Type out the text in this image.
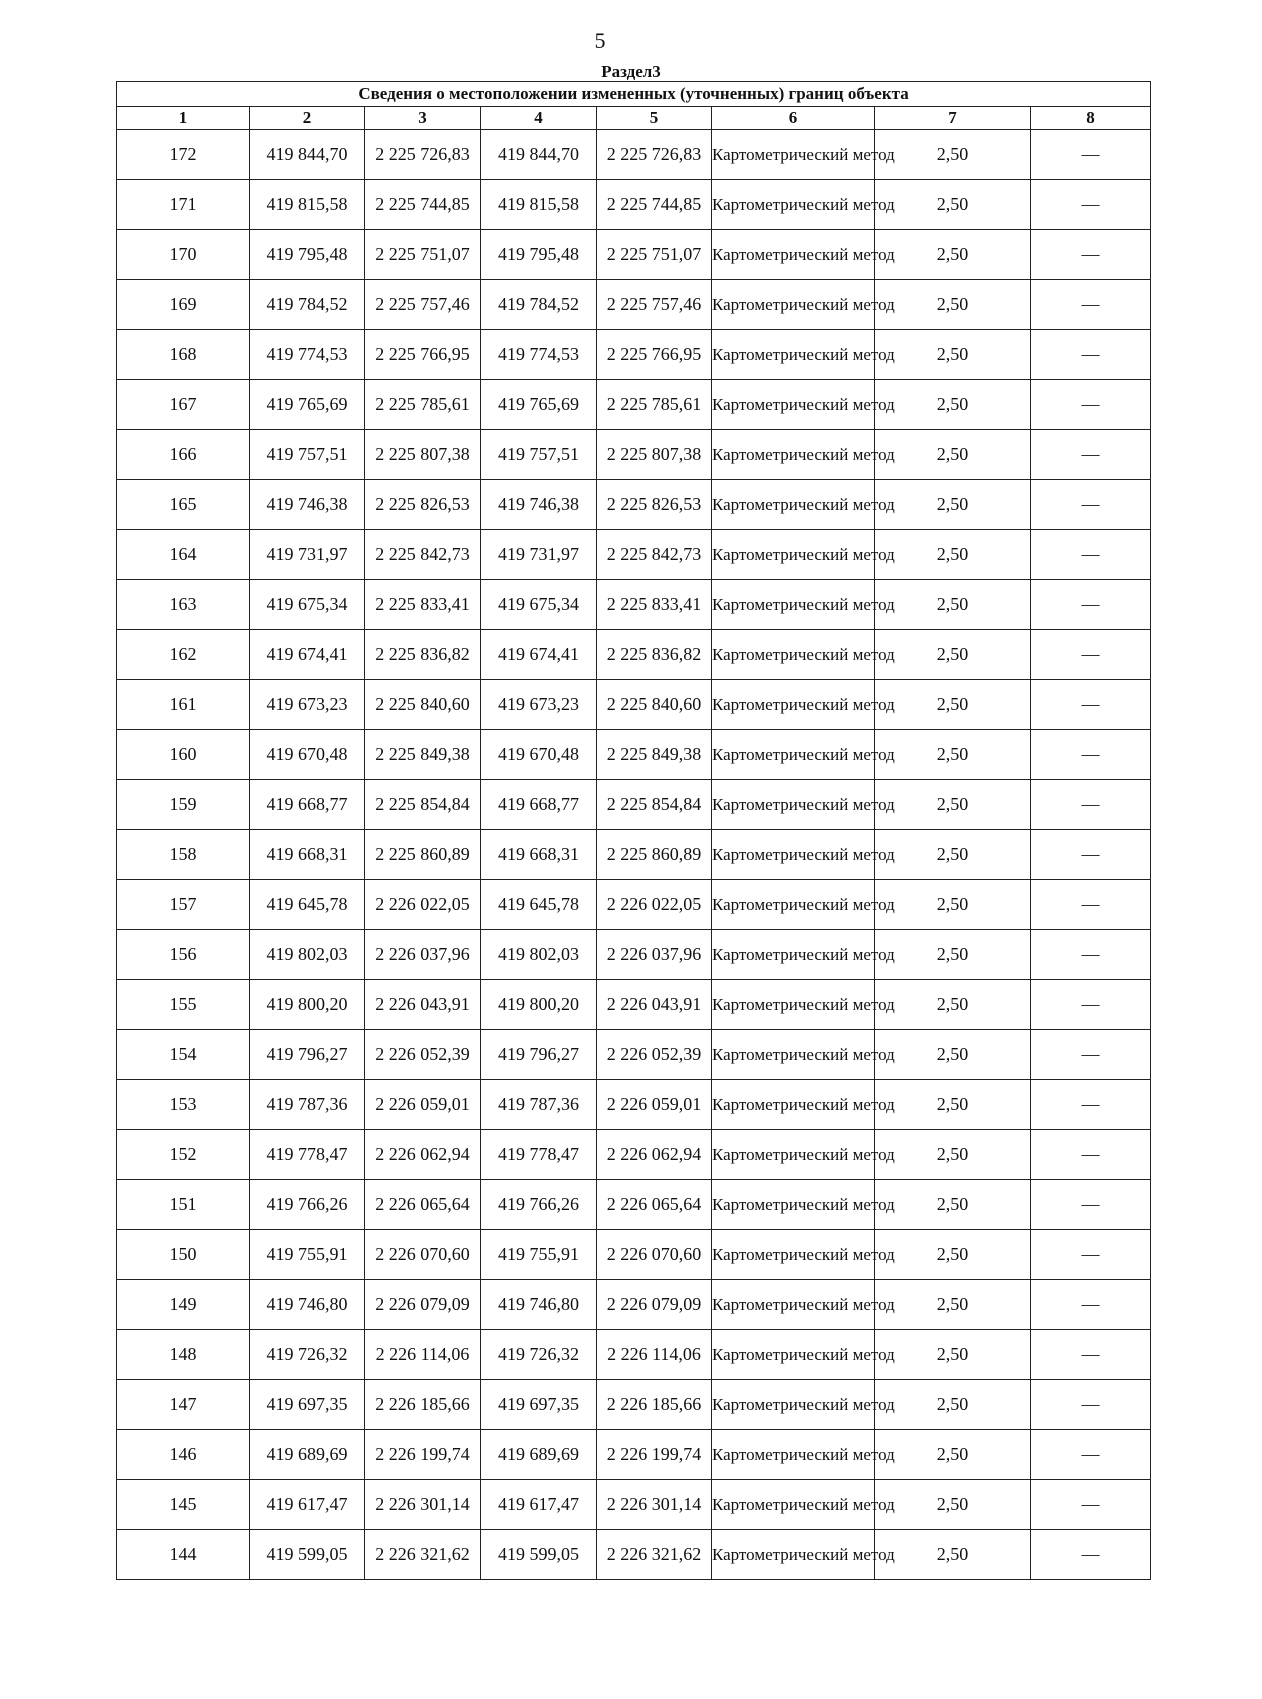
5
Раздел3
Сведения о местоположении измененных (уточненных) границ объекта							
1	2	3	4	5	6	7	8
172	419 844,70	2 225 726,83	419 844,70	2 225 726,83	Картометрический метод	2,50	—
171	419 815,58	2 225 744,85	419 815,58	2 225 744,85	Картометрический метод	2,50	—
170	419 795,48	2 225 751,07	419 795,48	2 225 751,07	Картометрический метод	2,50	—
169	419 784,52	2 225 757,46	419 784,52	2 225 757,46	Картометрический метод	2,50	—
168	419 774,53	2 225 766,95	419 774,53	2 225 766,95	Картометрический метод	2,50	—
167	419 765,69	2 225 785,61	419 765,69	2 225 785,61	Картометрический метод	2,50	—
166	419 757,51	2 225 807,38	419 757,51	2 225 807,38	Картометрический метод	2,50	—
165	419 746,38	2 225 826,53	419 746,38	2 225 826,53	Картометрический метод	2,50	—
164	419 731,97	2 225 842,73	419 731,97	2 225 842,73	Картометрический метод	2,50	—
163	419 675,34	2 225 833,41	419 675,34	2 225 833,41	Картометрический метод	2,50	—
162	419 674,41	2 225 836,82	419 674,41	2 225 836,82	Картометрический метод	2,50	—
161	419 673,23	2 225 840,60	419 673,23	2 225 840,60	Картометрический метод	2,50	—
160	419 670,48	2 225 849,38	419 670,48	2 225 849,38	Картометрический метод	2,50	—
159	419 668,77	2 225 854,84	419 668,77	2 225 854,84	Картометрический метод	2,50	—
158	419 668,31	2 225 860,89	419 668,31	2 225 860,89	Картометрический метод	2,50	—
157	419 645,78	2 226 022,05	419 645,78	2 226 022,05	Картометрический метод	2,50	—
156	419 802,03	2 226 037,96	419 802,03	2 226 037,96	Картометрический метод	2,50	—
155	419 800,20	2 226 043,91	419 800,20	2 226 043,91	Картометрический метод	2,50	—
154	419 796,27	2 226 052,39	419 796,27	2 226 052,39	Картометрический метод	2,50	—
153	419 787,36	2 226 059,01	419 787,36	2 226 059,01	Картометрический метод	2,50	—
152	419 778,47	2 226 062,94	419 778,47	2 226 062,94	Картометрический метод	2,50	—
151	419 766,26	2 226 065,64	419 766,26	2 226 065,64	Картометрический метод	2,50	—
150	419 755,91	2 226 070,60	419 755,91	2 226 070,60	Картометрический метод	2,50	—
149	419 746,80	2 226 079,09	419 746,80	2 226 079,09	Картометрический метод	2,50	—
148	419 726,32	2 226 114,06	419 726,32	2 226 114,06	Картометрический метод	2,50	—
147	419 697,35	2 226 185,66	419 697,35	2 226 185,66	Картометрический метод	2,50	—
146	419 689,69	2 226 199,74	419 689,69	2 226 199,74	Картометрический метод	2,50	—
145	419 617,47	2 226 301,14	419 617,47	2 226 301,14	Картометрический метод	2,50	—
144	419 599,05	2 226 321,62	419 599,05	2 226 321,62	Картометрический метод	2,50	—
